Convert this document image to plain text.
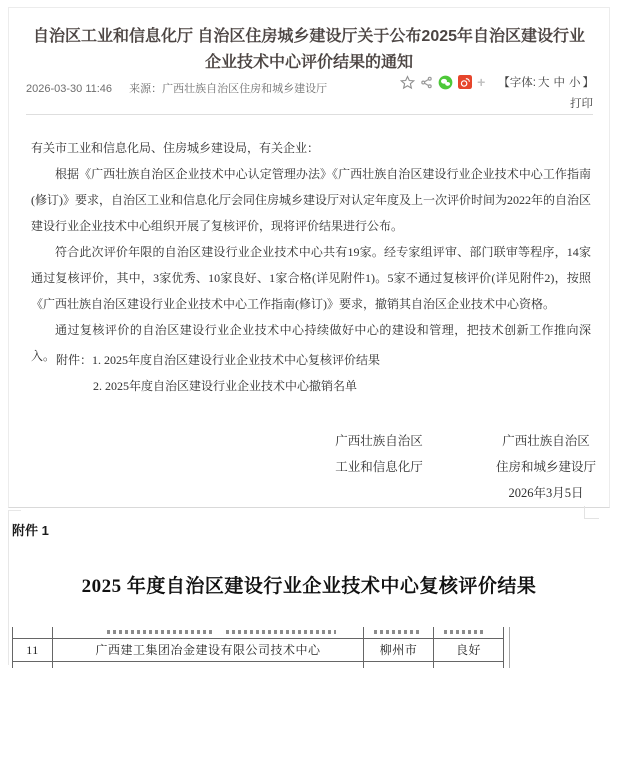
自治区工业和信息化厅 自治区住房城乡建设厅关于公布2025年自治区建设行业企业技术中心评价结果的通知
2026-03-30 11:46 来源：广西壮族自治区住房和城乡建设厅	+ 【字体: 大 中 小 】
打印

有关市工业和信息化局、住房城乡建设局，有关企业：

根据《广西壮族自治区企业技术中心认定管理办法》《广西壮族自治区建设行业企业技术中心工作指南(修订)》要求，自治区工业和信息化厅会同住房城乡建设厅对认定年度及上一次评价时间为2022年的自治区建设行业企业技术中心组织开展了复核评价，现将评价结果进行公布。

符合此次评价年限的自治区建设行业企业技术中心共有19家。经专家组评审、部门联审等程序，14家通过复核评价，其中，3家优秀、10家良好、1家合格(详见附件1)。5家不通过复核评价(详见附件2)，按照《广西壮族自治区建设行业企业技术中心工作指南(修订)》要求，撤销其自治区企业技术中心资格。

通过复核评价的自治区建设行业企业技术中心持续做好中心的建设和管理，把技术创新工作推向深入。 附件：1. 2025年度自治区建设行业企业技术中心复核评价结果
2. 2025年度自治区建设行业企业技术中心撤销名单
广西壮族自治区
工业和信息化厅
广西壮族自治区
住房和城乡建设厅
2026年3月5日
附件 1
2025 年度自治区建设行业企业技术中心复核评价结果
11	广西建工集团冶金建设有限公司技术中心	柳州市	良好
